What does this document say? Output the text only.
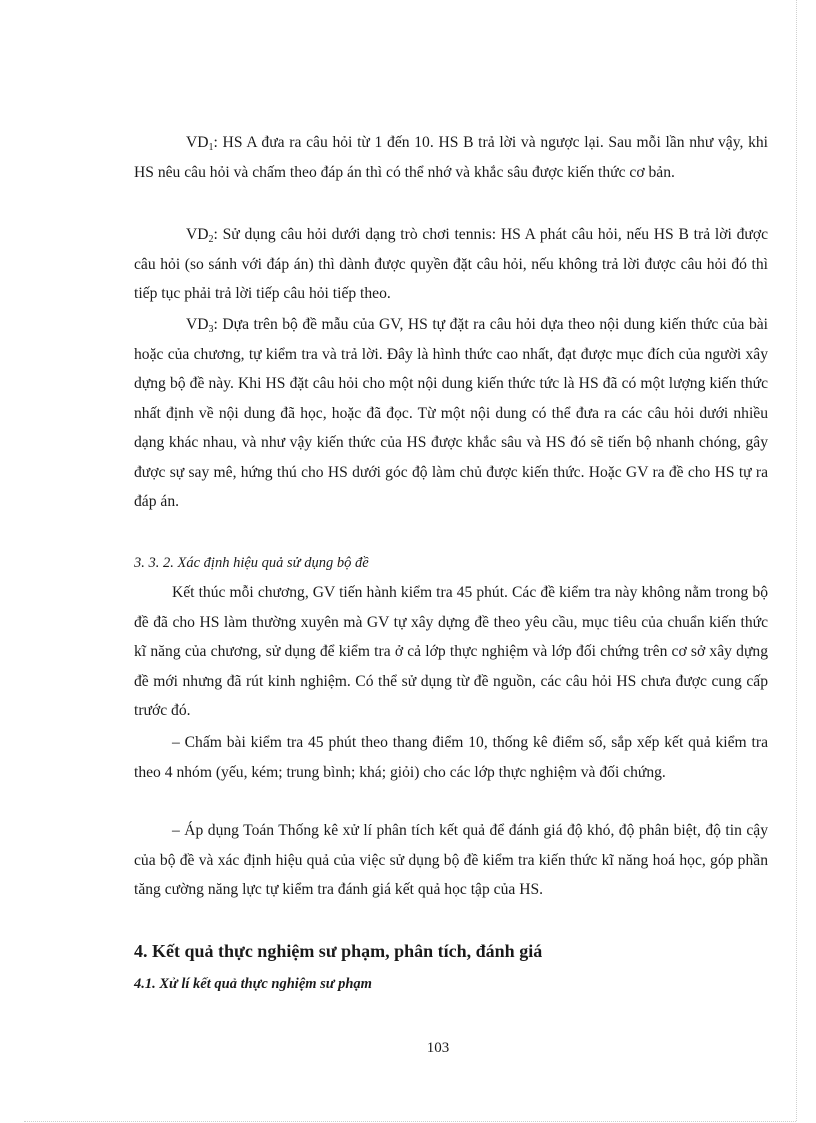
$VD_1$: HS A đưa ra câu hỏi từ 1 đến 10. HS B trả lời và ngược lại. Sau mỗi lần như vậy, khi HS nêu câu hỏi và chấm theo đáp án thì có thể nhớ và khắc sâu được kiến thức cơ bản.

$VD_2$: Sử dụng câu hỏi dưới dạng trò chơi tennis: HS A phát câu hỏi, nếu HS B trả lời được câu hỏi (so sánh với đáp án) thì dành được quyền đặt câu hỏi, nếu không trả lời được câu hỏi đó thì tiếp tục phải trả lời tiếp câu hỏi tiếp theo.

$VD_3$: Dựa trên bộ đề mẫu của GV, HS tự đặt ra câu hỏi dựa theo nội dung kiến thức của bài hoặc của chương, tự kiểm tra và trả lời. Đây là hình thức cao nhất, đạt được mục đích của người xây dựng bộ đề này. Khi HS đặt câu hỏi cho một nội dung kiến thức tức là HS đã có một lượng kiến thức nhất định về nội dung đã học, hoặc đã đọc. Từ một nội dung có thể đưa ra các câu hỏi dưới nhiều dạng khác nhau, và như vậy kiến thức của HS được khắc sâu và HS đó sẽ tiến bộ nhanh chóng, gây được sự say mê, hứng thú cho HS dưới góc độ làm chủ được kiến thức. Hoặc GV ra đề cho HS tự ra đáp án.

3. 3. 2. Xác định hiệu quả sử dụng bộ đề

Kết thúc mỗi chương, GV tiến hành kiểm tra 45 phút. Các đề kiểm tra này không nằm trong bộ đề đã cho HS làm thường xuyên mà GV tự xây dựng đề theo yêu cầu, mục tiêu của chuẩn kiến thức kĩ năng của chương, sử dụng để kiểm tra ở cả lớp thực nghiệm và lớp đối chứng trên cơ sở xây dựng đề mới nhưng đã rút kinh nghiệm. Có thể sử dụng từ đề nguồn, các câu hỏi HS chưa được cung cấp trước đó.

– Chấm bài kiểm tra 45 phút theo thang điểm 10, thống kê điểm số, sắp xếp kết quả kiểm tra theo 4 nhóm (yếu, kém; trung bình; khá; giỏi) cho các lớp thực nghiệm và đối chứng.

– Áp dụng Toán Thống kê xử lí phân tích kết quả để đánh giá độ khó, độ phân biệt, độ tin cậy của bộ đề và xác định hiệu quả của việc sử dụng bộ đề kiểm tra kiến thức kĩ năng hoá học, góp phần tăng cường năng lực tự kiểm tra đánh giá kết quả học tập của HS.

4. Kết quả thực nghiệm sư phạm, phân tích, đánh giá

4.1. Xử lí kết quả thực nghiệm sư phạm

103
